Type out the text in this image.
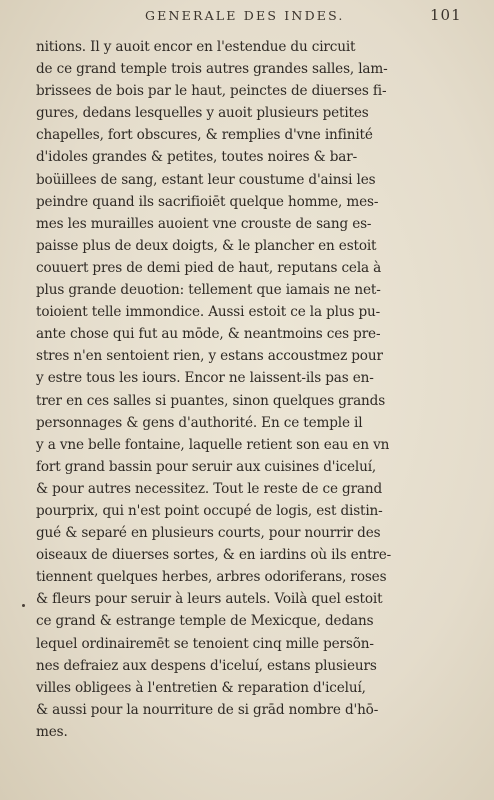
GENERALE DES INDES.	101
nitions. Il y auoit encor en l'estendue du circuit
de ce grand temple trois autres grandes salles, lam-
brissees de bois par le haut, peinctes de diuerses fi-
gures, dedans lesquelles y auoit plusieurs petites
chapelles, fort obscures, & remplies d'vne infinité
d'idoles grandes & petites, toutes noires & bar-
boüillees de sang, estant leur coustume d'ainsi les
peindre quand ils sacrifioiēt quelque homme, mes-
mes les murailles auoient vne crouste de sang es-
paisse plus de deux doigts, & le plancher en estoit
couuert pres de demi pied de haut, reputans cela à
plus grande deuotion: tellement que iamais ne net-
toioient telle immondice. Aussi estoit ce la plus pu-
ante chose qui fut au mōde, & neantmoins ces pre-
stres n'en sentoient rien, y estans accoustmez pour
y estre tous les iours. Encor ne laissent-ils pas en-
trer en ces salles si puantes, sinon quelques grands
personnages & gens d'authorité. En ce temple il
y a vne belle fontaine, laquelle retient son eau en vn
fort grand bassin pour seruir aux cuisines d'iceluí,
& pour autres necessitez. Tout le reste de ce grand
pourprix, qui n'est point occupé de logis, est distin-
gué & separé en plusieurs courts, pour nourrir des
oiseaux de diuerses sortes, & en iardins où ils entre-
tiennent quelques herbes, arbres odoriferans, roses
& fleurs pour seruir à leurs autels. Voilà quel estoit
ce grand & estrange temple de Mexicque, dedans
lequel ordinairemēt se tenoient cinq mille persõn-
nes defraiez aux despens d'iceluí, estans plusieurs
villes obligees à l'entretien & reparation d'iceluí,
& aussi pour la nourriture de si grād nombre d'hō-
mes.
